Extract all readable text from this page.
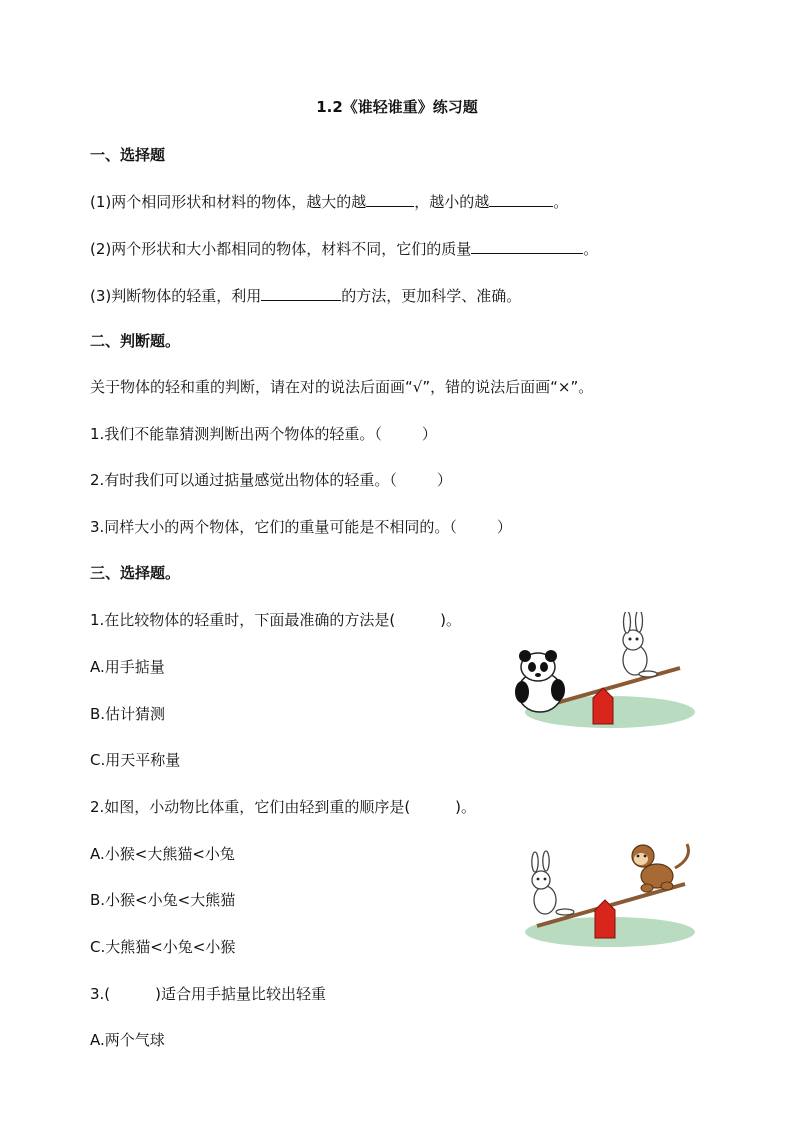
1.2《谁轻谁重》练习题
一、选择题
(1)两个相同形状和材料的物体，越大的越	，越小的越	。
(2)两个形状和大小都相同的物体，材料不同，它们的质量	。
(3)判断物体的轻重，利用	的方法，更加科学、准确。
二、判断题。
关于物体的轻和重的判断，请在对的说法后面画“√”，错的说法后面画“×”。
1.我们不能靠猜测判断出两个物体的轻重。（	）
2.有时我们可以通过掂量感觉出物体的轻重。（	）
3.同样大小的两个物体，它们的重量可能是不相同的。（	）
三、选择题。
1.在比较物体的轻重时，下面最准确的方法是(　　　)。
A.用手掂量
B.估计猜测
C.用天平称量
2.如图，小动物比体重，它们由轻到重的顺序是(　　　)。
A.小猴<大熊猫<小兔
B.小猴<小兔<大熊猫
C.大熊猫<小兔<小猴
3.(　　　)适合用手掂量比较出轻重
A.两个气球
